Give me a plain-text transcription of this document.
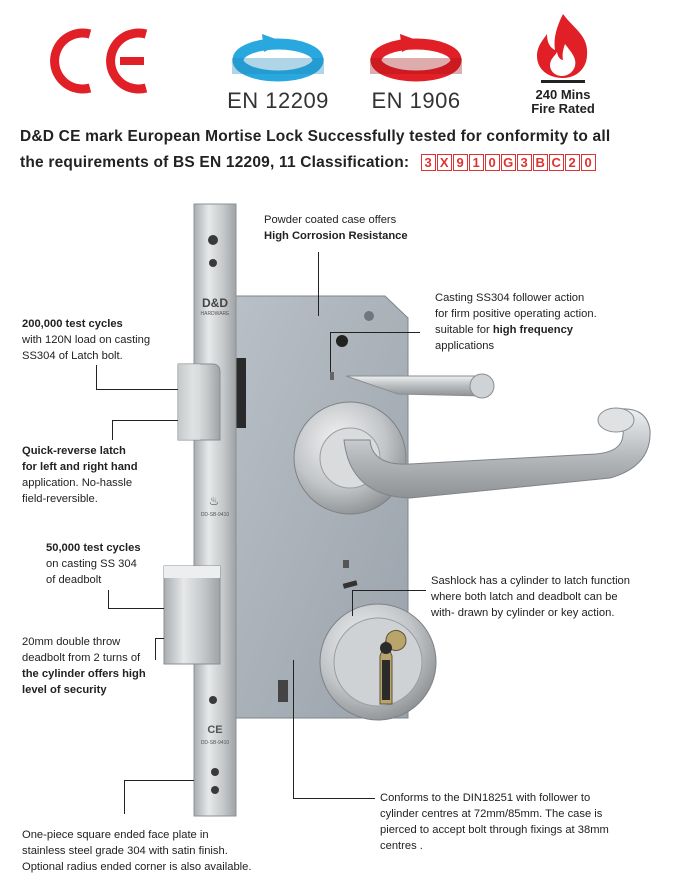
EN 12209	EN 1906	240 Mins
Fire Rated
D&D CE mark European Mortise Lock Successfully tested for conformity to all
the requirements of BS EN 12209, 11 Classification: 3 X 9 1 0 G 3 B C 2 0
D&D
HARDWARE
♨
DD-SB-9410
CE
DD-SB-9410
Powder coated case offers
High Corrosion Resistance
Casting SS304 follower action
for firm positive operating action.
suitable for high frequency
applications
200,000 test cycles
with 120N load on casting
SS304 of Latch bolt.
Quick-reverse latch
for left and right hand
application. No-hassle
field-reversible.
50,000 test cycles
on casting SS 304
of deadbolt
20mm double throw
deadbolt from 2 turns of
the cylinder offers high
level of security
Sashlock has a cylinder to latch function
where both latch and deadbolt can be
with- drawn by cylinder or key action.
Conforms to the DIN18251 with follower to
cylinder centres at 72mm/85mm. The case is
pierced to accept bolt through fixings at 38mm
centres .
One-piece square ended face plate in
stainless steel grade 304 with satin finish.
Optional radius ended corner is also available.
